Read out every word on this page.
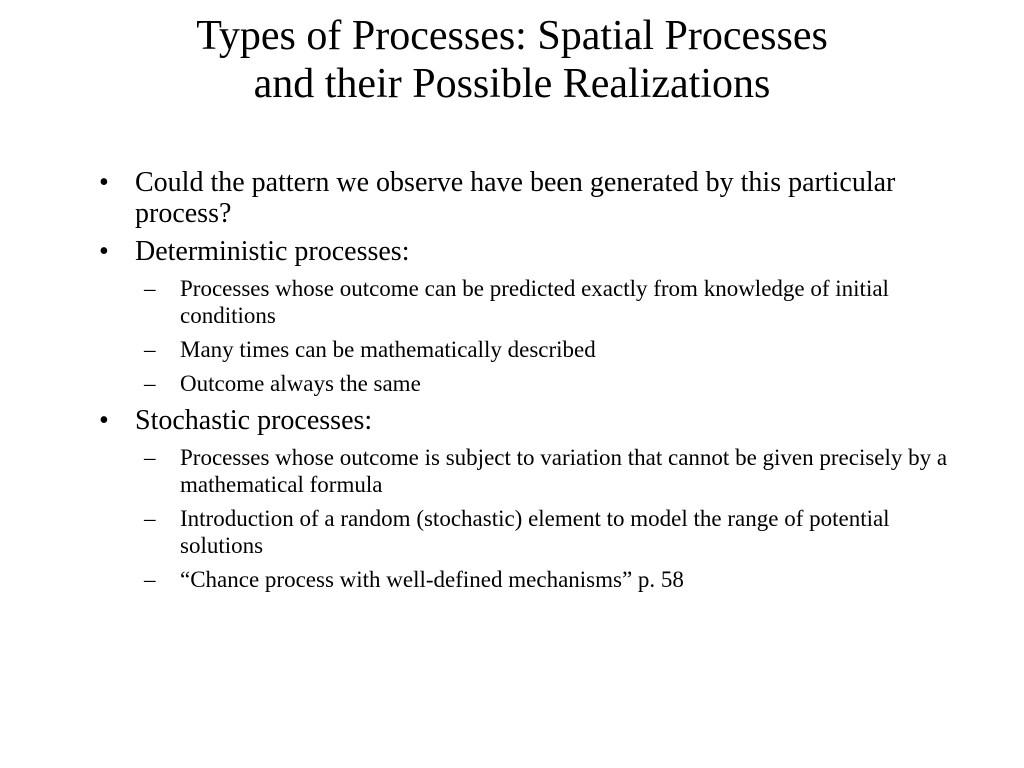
Types of Processes: Spatial Processes
and their Possible Realizations
• Could the pattern we observe have been generated by this particular process?
• Deterministic processes:
– Processes whose outcome can be predicted exactly from knowledge of initial conditions
– Many times can be mathematically described
– Outcome always the same
• Stochastic processes:
– Processes whose outcome is subject to variation that cannot be given precisely by a mathematical formula
– Introduction of a random (stochastic) element to model the range of potential solutions
– “Chance process with well-defined mechanisms” p. 58
